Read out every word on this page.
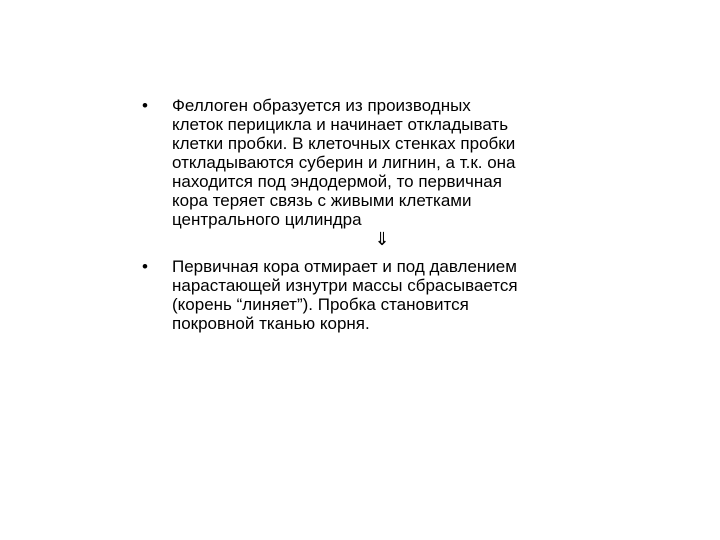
•	Феллоген образуется из производных
клеток перицикла и начинает откладывать
клетки пробки. В клеточных стенках пробки
откладываются суберин и лигнин, а т.к. она
находится под эндодермой, то первичная
кора теряет связь с живыми клетками
центрального цилиндра
⇓
•	Первичная кора отмирает и под давлением
нарастающей изнутри массы сбрасывается
(корень “линяет”). Пробка становится
покровной тканью корня.
